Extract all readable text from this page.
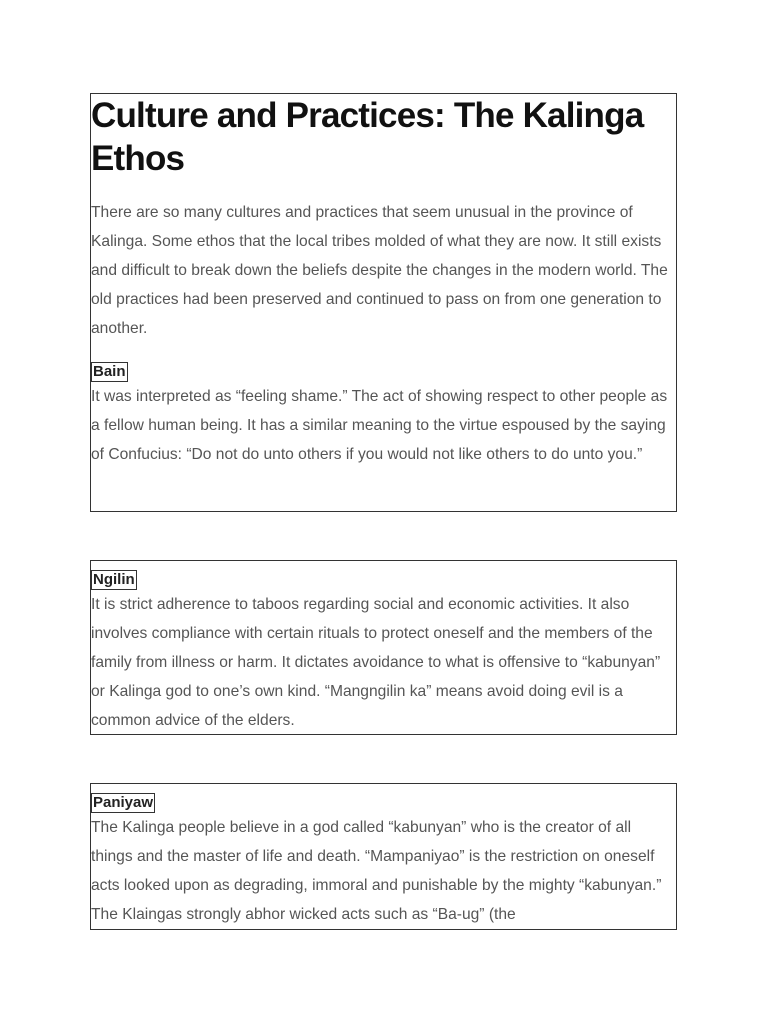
Culture and Practices: The Kalinga Ethos

There are so many cultures and practices that seem unusual in the province of Kalinga. Some ethos that the local tribes molded of what they are now. It still exists and difficult to break down the beliefs despite the changes in the modern world. The old practices had been preserved and continued to pass on from one generation to another.

Bain

It was interpreted as “feeling shame.” The act of showing respect to other people as a fellow human being. It has a similar meaning to the virtue espoused by the saying of Confucius: “Do not do unto others if you would not like others to do unto you.”

Ngilin

It is strict adherence to taboos regarding social and economic activities. It also involves compliance with certain rituals to protect oneself and the members of the family from illness or harm. It dictates avoidance to what is offensive to “kabunyan” or Kalinga god to one’s own kind. “Mangngilin ka” means avoid doing evil is a common advice of the elders.

Paniyaw

The Kalinga people believe in a god called “kabunyan” who is the creator of all things and the master of life and death. “Mampaniyao” is the restriction on oneself acts looked upon as degrading, immoral and punishable by the mighty “kabunyan.” The Klaingas strongly abhor wicked acts such as “Ba-ug” (the
